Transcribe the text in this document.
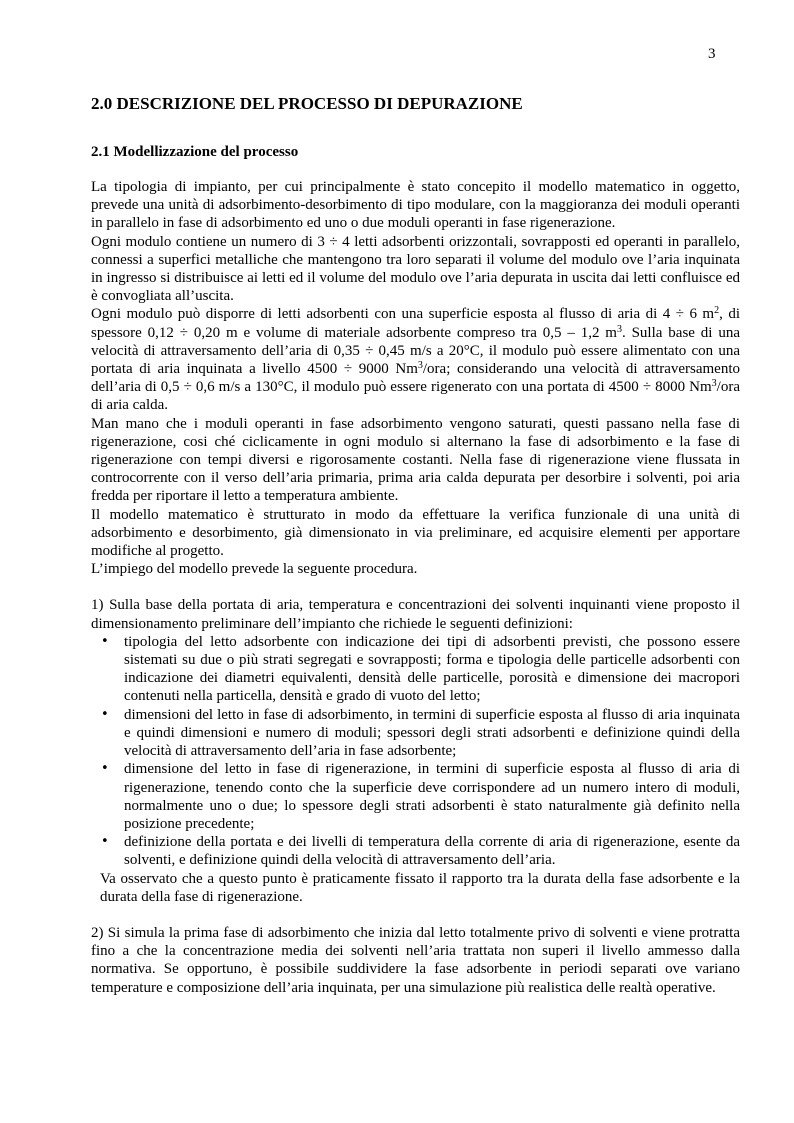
3
2.0 DESCRIZIONE DEL PROCESSO DI DEPURAZIONE
2.1 Modellizzazione del processo

La tipologia di impianto, per cui principalmente è stato concepito il modello matematico in oggetto, prevede una unità di adsorbimento-desorbimento di tipo modulare, con la maggioranza dei moduli operanti in parallelo in fase di adsorbimento ed uno o due moduli operanti in fase rigenerazione.

Ogni modulo contiene un numero di 3 ÷ 4 letti adsorbenti orizzontali, sovrapposti ed operanti in parallelo, connessi a superfici metalliche che mantengono tra loro separati il volume del modulo ove l’aria inquinata in ingresso si distribuisce ai letti ed il volume del modulo ove l’aria depurata in uscita dai letti confluisce ed è convogliata all’uscita.

Ogni modulo può disporre di letti adsorbenti con una superficie esposta al flusso di aria di 4 ÷ 6 $m^2$, di spessore 0,12 ÷ 0,20 m e volume di materiale adsorbente compreso tra 0,5 – 1,2 $m^3$. Sulla base di una velocità di attraversamento dell’aria di 0,35 ÷ 0,45 m/s a 20°C, il modulo può essere alimentato con una portata di aria inquinata a livello 4500 ÷ 9000 Nm$^3$/ora; considerando una velocità di attraversamento dell’aria di 0,5 ÷ 0,6 m/s a 130°C, il modulo può essere rigenerato con una portata di 4500 ÷ 8000 Nm$^3$/ora di aria calda.

Man mano che i moduli operanti in fase adsorbimento vengono saturati, questi passano nella fase di rigenerazione, cosi ché ciclicamente in ogni modulo si alternano la fase di adsorbimento e la fase di rigenerazione con tempi diversi e rigorosamente costanti. Nella fase di rigenerazione viene flussata in controcorrente con il verso dell’aria primaria, prima aria calda depurata per desorbire i solventi, poi aria fredda per riportare il letto a temperatura ambiente.

Il modello matematico è strutturato in modo da effettuare la verifica funzionale di una unità di adsorbimento e desorbimento, già dimensionato in via preliminare, ed acquisire elementi per apportare modifiche al progetto.

L’impiego del modello prevede la seguente procedura.

1) Sulla base della portata di aria, temperatura e concentrazioni dei solventi inquinanti viene proposto il dimensionamento preliminare dell’impianto che richiede le seguenti definizioni:

• tipologia del letto adsorbente con indicazione dei tipi di adsorbenti previsti, che possono essere sistemati su due o più strati segregati e sovrapposti; forma e tipologia delle particelle adsorbenti con indicazione dei diametri equivalenti, densità delle particelle, porosità e dimensione dei macropori contenuti nella particella, densità e grado di vuoto del letto;
• dimensioni del letto in fase di adsorbimento, in termini di superficie esposta al flusso di aria inquinata e quindi dimensioni e numero di moduli; spessori degli strati adsorbenti e definizione quindi della velocità di attraversamento dell’aria in fase adsorbente;
• dimensione del letto in fase di rigenerazione, in termini di superficie esposta al flusso di aria di rigenerazione, tenendo conto che la superficie deve corrispondere ad un numero intero di moduli, normalmente uno o due; lo spessore degli strati adsorbenti è stato naturalmente già definito nella posizione precedente;
• definizione della portata e dei livelli di temperatura della corrente di aria di rigenerazione, esente da solventi, e definizione quindi della velocità di attraversamento dell’aria.

Va osservato che a questo punto è praticamente fissato il rapporto tra la durata della fase adsorbente e la durata della fase di rigenerazione.

2) Si simula la prima fase di adsorbimento che inizia dal letto totalmente privo di solventi e viene protratta fino a che la concentrazione media dei solventi nell’aria trattata non superi il livello ammesso dalla normativa. Se opportuno, è possibile suddividere la fase adsorbente in periodi separati ove variano temperature e composizione dell’aria inquinata, per una simulazione più realistica delle realtà operative.
